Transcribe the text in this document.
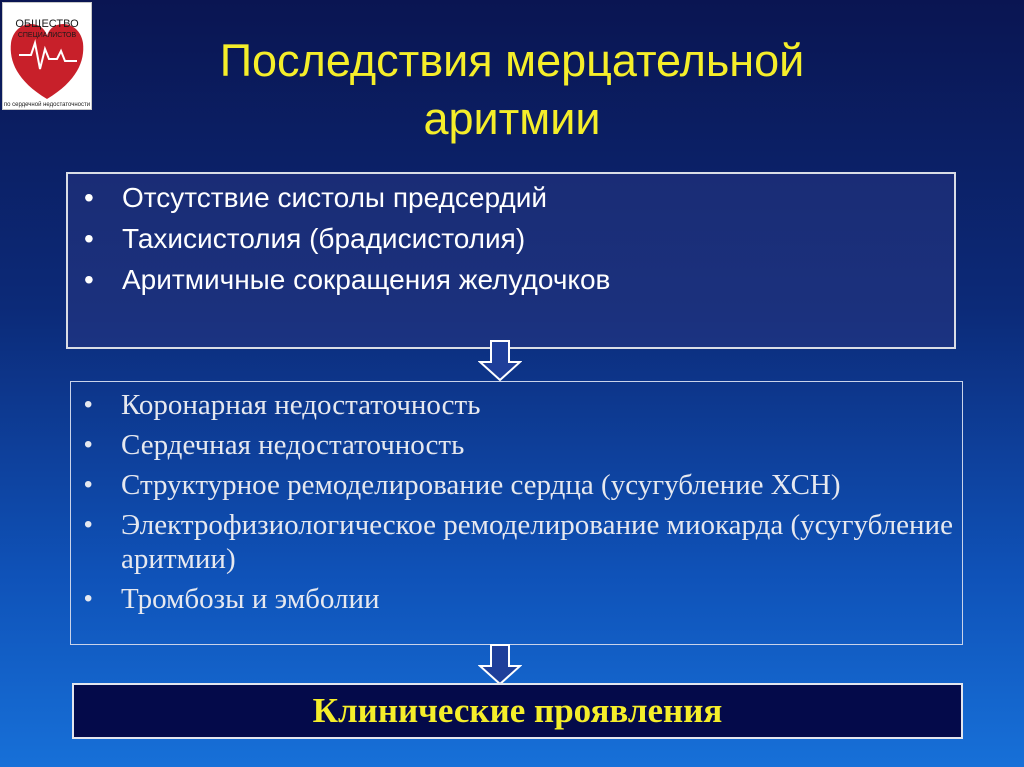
ОБЩЕСТВО
СПЕЦИАЛИСТОВ
по сердечной недостаточности
Последствия мерцательной
аритмии
• Отсутствие систолы предсердий
• Тахисистолия (брадисистолия)
• Аритмичные сокращения желудочков
• Коронарная недостаточность
• Сердечная недостаточность
• Структурное ремоделирование сердца (усугубление ХСН)
• Электрофизиологическое ремоделирование миокарда (усугубление аритмии)
• Тромбозы и эмболии
Клинические проявления
